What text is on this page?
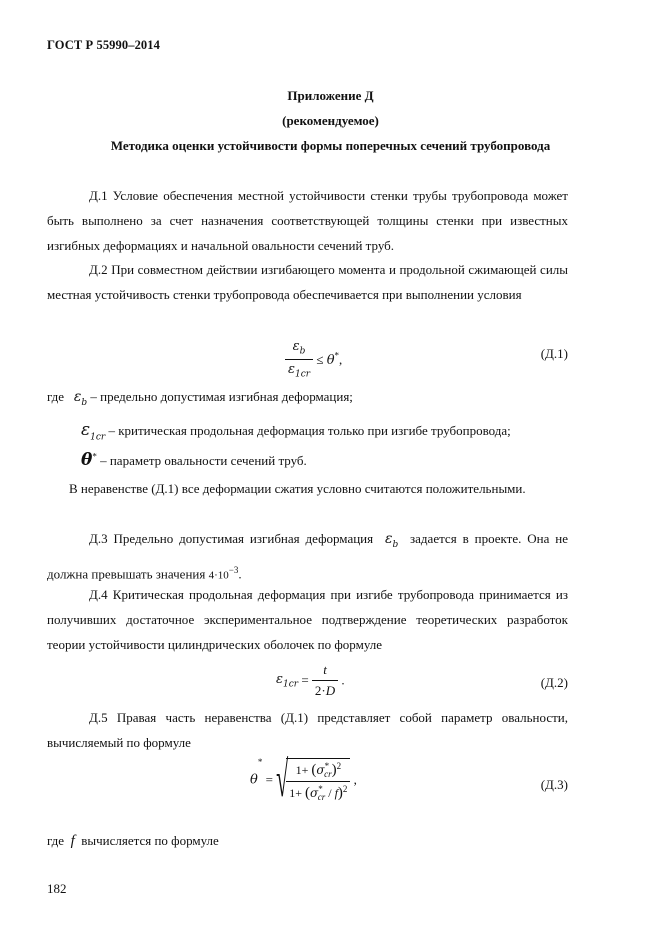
ГОСТ Р 55990–2014
Приложение Д
(рекомендуемое)
Методика оценки устойчивости формы поперечных сечений трубопровода
Д.1 Условие обеспечения местной устойчивости стенки трубы трубопровода может быть выполнено за счет назначения соответствующей толщины стенки при известных изгибных деформациях и начальной овальности сечений труб.
Д.2 При совместном действии изгибающего момента и продольной сжимающей силы местная устойчивость стенки трубопровода обеспечивается при выполнении условия
$\frac{\varepsilon_b}{\varepsilon_{1cr}} \le \theta^*$,	(Д.1)
где $\varepsilon_b$ – предельно допустимая изгибная деформация;
$\varepsilon_{1cr}$ – критическая продольная деформация только при изгибе трубопровода;
θ* – параметр овальности сечений труб.
В неравенстве (Д.1) все деформации сжатия условно считаются положительными.
Д.3 Предельно допустимая изгибная деформация $\varepsilon_b$ задается в проекте. Она не должна превышать значения $4\cdot 10^{-3}$.
Д.4 Критическая продольная деформация при изгибе трубопровода принимается из получивших достаточное экспериментальное подтверждение теоретических разработок теории устойчивости цилиндрических оболочек по формуле
$\varepsilon_{1cr} = \frac{t}{2\cdot D}$ .	(Д.2)
Д.5 Правая часть неравенства (Д.1) представляет собой параметр овальности, вычисляемый по формуле
θ* = √
$\frac{1+ (\sigma^*_{cr})^2}{1+ (\sigma^*_{cr} / f)^2}$ ,	(Д.3)
где f вычисляется по формуле
182
